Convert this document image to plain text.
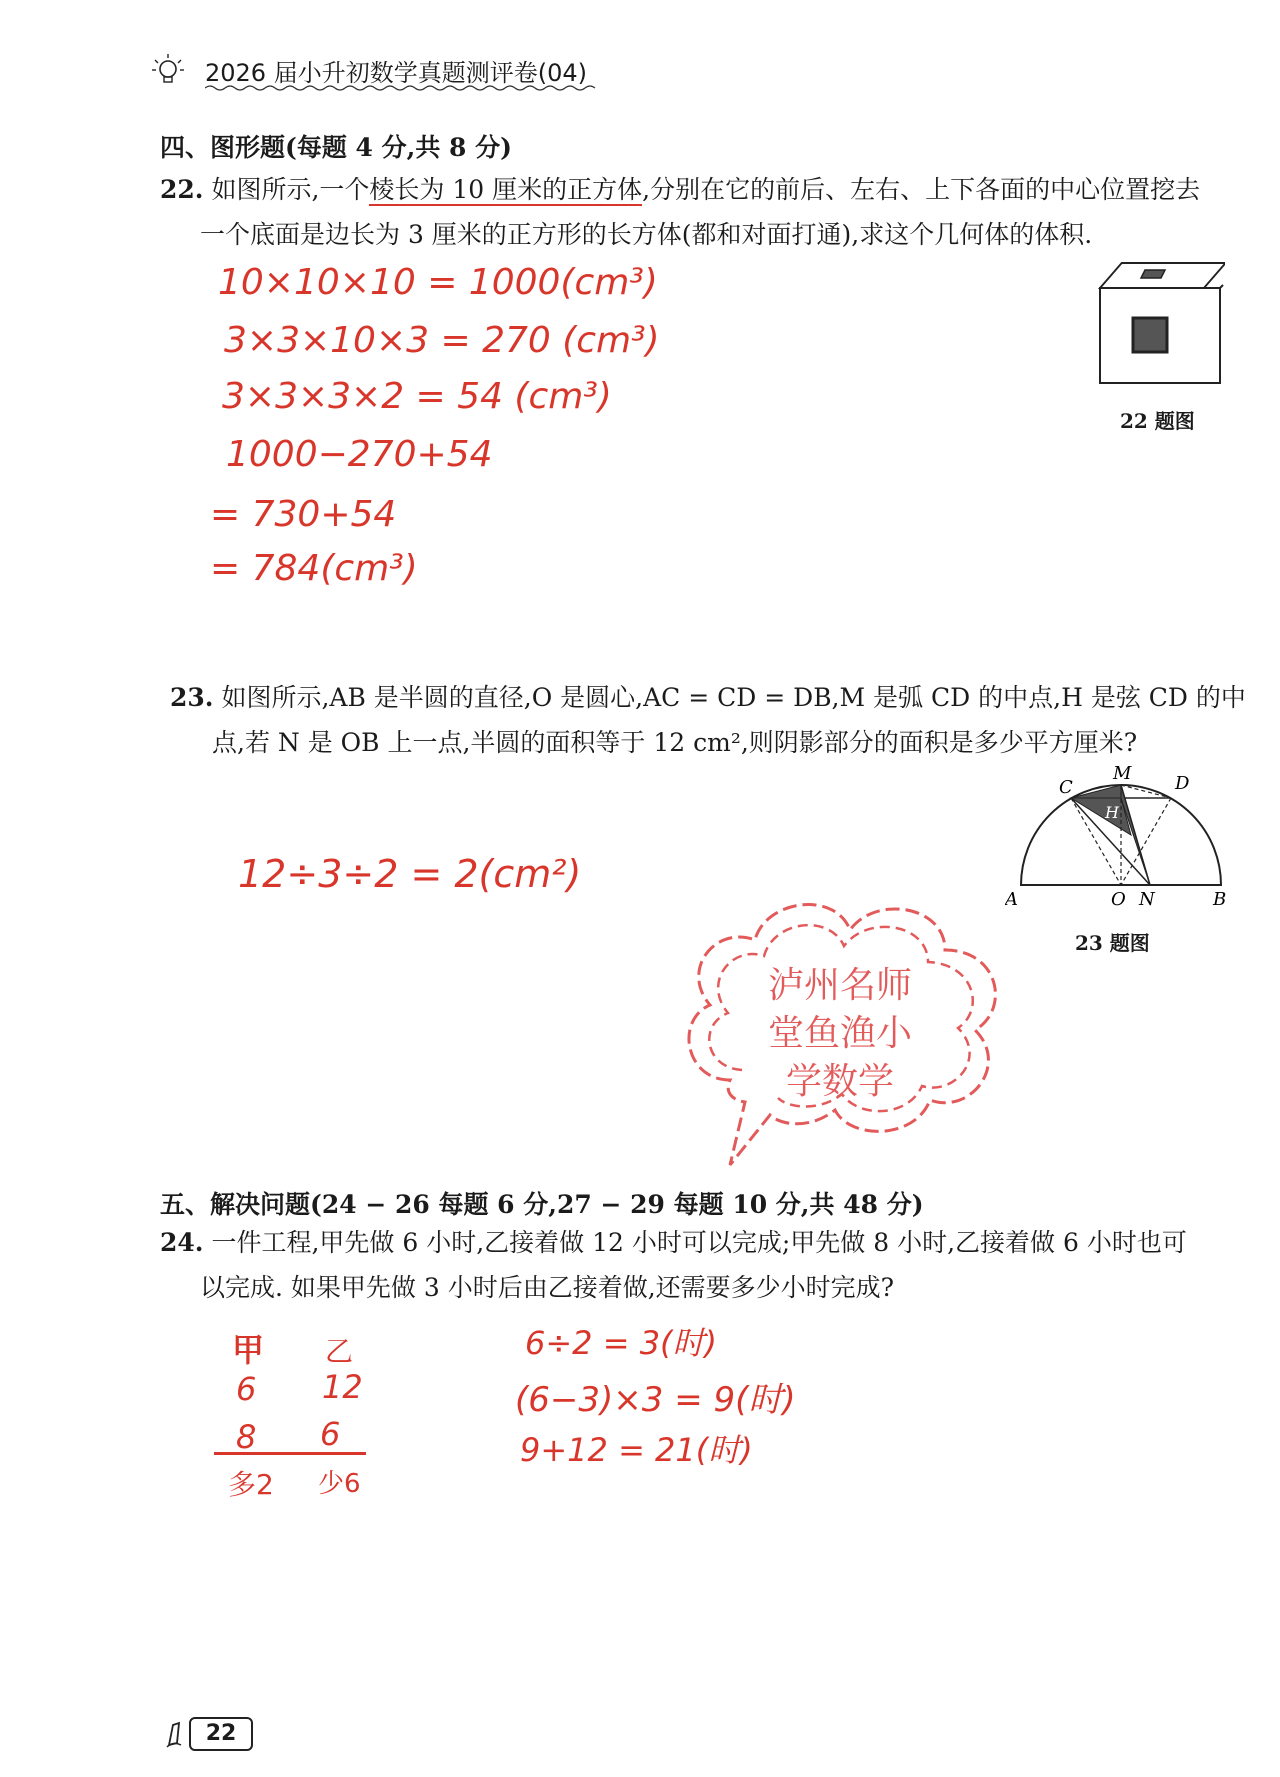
2026 届小升初数学真题测评卷(04)
四、图形题(每题 4 分,共 8 分)
22. 如图所示,一个棱长为 10 厘米的正方体,分别在它的前后、左右、上下各面的中心位置挖去
一个底面是边长为 3 厘米的正方形的长方体(都和对面打通),求这个几何体的体积.
22 题图
10×10×10 = 1000(cm³)
3×3×10×3 = 270 (cm³)
3×3×3×2 = 54 (cm³)
1000−270+54
= 730+54
= 784(cm³)
23. 如图所示,AB 是半圆的直径,O 是圆心,AC = CD = DB,M 是弧 CD 的中点,H 是弦 CD 的中
点,若 N 是 OB 上一点,半圆的面积等于 12 cm²,则阴影部分的面积是多少平方厘米?
C
M D
H
A	O N	B
23 题图
12÷3÷2 = 2(cm²)
泸州名师
堂鱼渔小
学数学
五、解决问题(24 − 26 每题 6 分,27 − 29 每题 10 分,共 48 分)
24. 一件工程,甲先做 6 小时,乙接着做 12 小时可以完成;甲先做 8 小时,乙接着做 6 小时也可
以完成. 如果甲先做 3 小时后由乙接着做,还需要多少小时完成?
甲 乙
6 12
8 6
多2 少6
6÷2 = 3(时)
(6−3)×3 = 9(时)
9+12 = 21(时)
22
